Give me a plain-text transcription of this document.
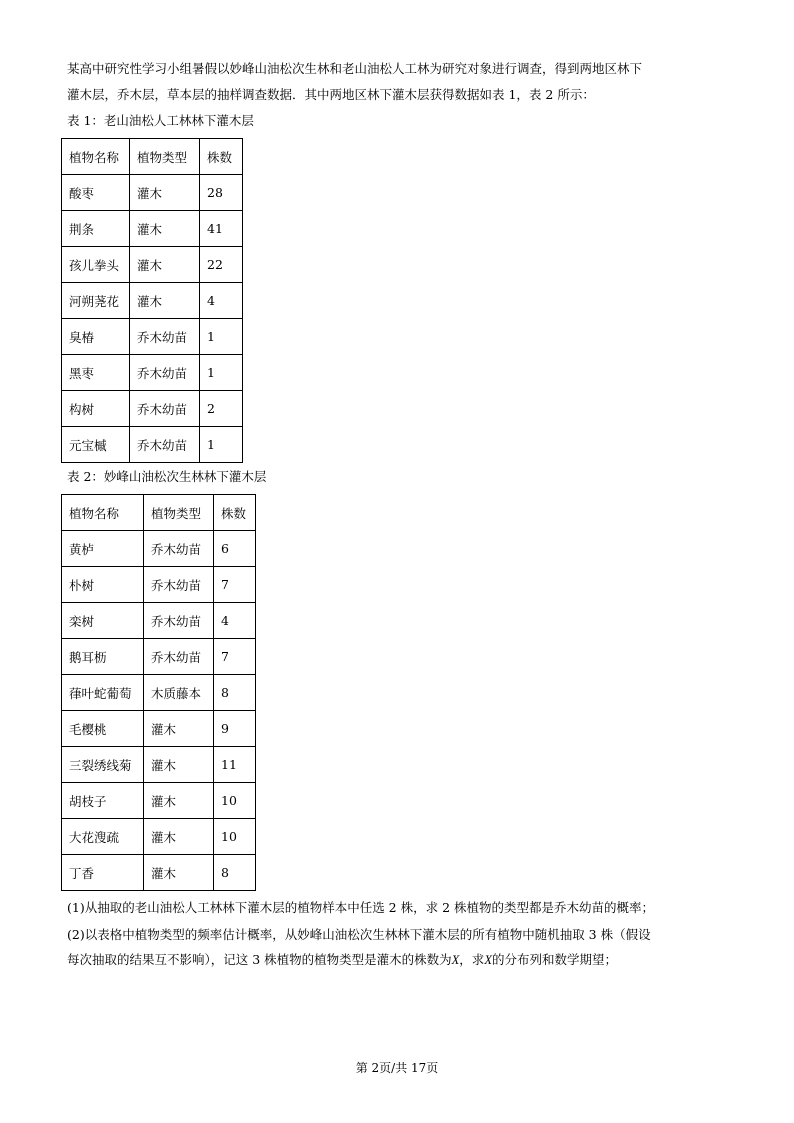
某高中研究性学习小组暑假以妙峰山油松次生林和老山油松人工林为研究对象进行调查，得到两地区林下
灌木层，乔木层，草本层的抽样调查数据．其中两地区林下灌木层获得数据如表 1，表 2 所示：
表 1：老山油松人工林林下灌木层
植物名称	植物类型	株数
酸枣	灌木	28
荆条	灌木	41
孩儿拳头	灌木	22
河朔荛花	灌木	4
臭椿	乔木幼苗	1
黑枣	乔木幼苗	1
构树	乔木幼苗	2
元宝槭	乔木幼苗	1
表 2：妙峰山油松次生林林下灌木层
植物名称	植物类型	株数
黄栌	乔木幼苗	6
朴树	乔木幼苗	7
栾树	乔木幼苗	4
鹅耳枥	乔木幼苗	7
葎叶蛇葡萄	木质藤本	8
毛樱桃	灌木	9
三裂绣线菊	灌木	11
胡枝子	灌木	10
大花溲疏	灌木	10
丁香	灌木	8
(1)从抽取的老山油松人工林林下灌木层的植物样本中任选 2 株，求 2 株植物的类型都是乔木幼苗的概率；
(2)以表格中植物类型的频率估计概率，从妙峰山油松次生林林下灌木层的所有植物中随机抽取 3 株（假设
每次抽取的结果互不影响），记这 3 株植物的植物类型是灌木的株数为X，求X的分布列和数学期望；
第 2页/共 17页
